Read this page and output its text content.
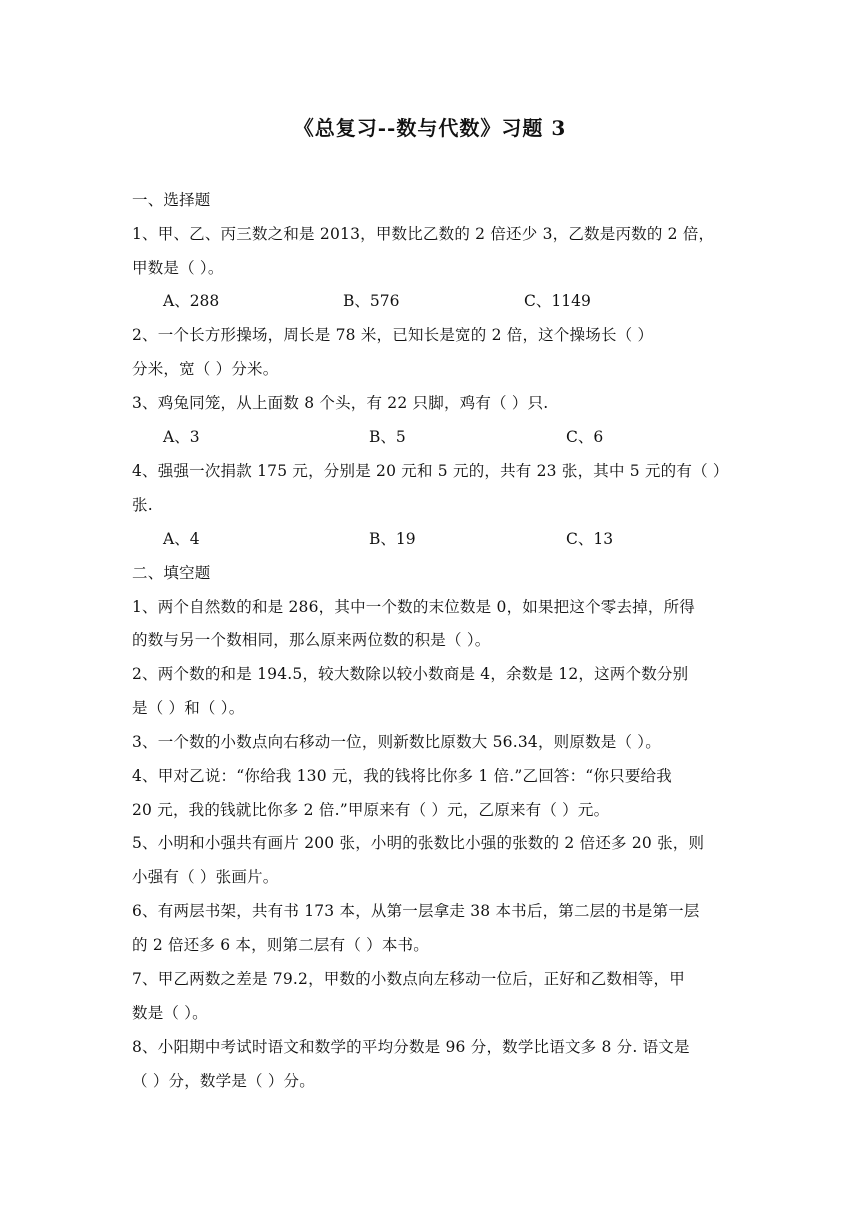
《总复习--数与代数》习题 3
一、选择题
1、甲、乙、丙三数之和是 2013，甲数比乙数的 2 倍还少 3，乙数是丙数的 2 倍，
甲数是（ ）。
A、288	B、576	C、1149
2、一个长方形操场，周长是 78 米，已知长是宽的 2 倍，这个操场长（ ）
分米，宽（ ）分米。
3、鸡兔同笼，从上面数 8 个头，有 22 只脚，鸡有（ ）只.
A、3	B、5	C、6
4、强强一次捐款 175 元，分别是 20 元和 5 元的，共有 23 张，其中 5 元的有（ ）
张.
A、4	B、19	C、13
二、填空题
1、两个自然数的和是 286，其中一个数的末位数是 0，如果把这个零去掉，所得
的数与另一个数相同，那么原来两位数的积是（ ）。
2、两个数的和是 194.5，较大数除以较小数商是 4，余数是 12，这两个数分别
是（ ）和（ ）。
3、一个数的小数点向右移动一位，则新数比原数大 56.34，则原数是（ ）。
4、甲对乙说：“你给我 130 元，我的钱将比你多 1 倍.”乙回答：“你只要给我
20 元，我的钱就比你多 2 倍.”甲原来有（ ）元，乙原来有（ ）元。
5、小明和小强共有画片 200 张，小明的张数比小强的张数的 2 倍还多 20 张，则
小强有（ ）张画片。
6、有两层书架，共有书 173 本，从第一层拿走 38 本书后，第二层的书是第一层
的 2 倍还多 6 本，则第二层有（ ）本书。
7、甲乙两数之差是 79.2，甲数的小数点向左移动一位后，正好和乙数相等，甲
数是（ ）。
8、小阳期中考试时语文和数学的平均分数是 96 分，数学比语文多 8 分. 语文是
（ ）分，数学是（ ）分。
